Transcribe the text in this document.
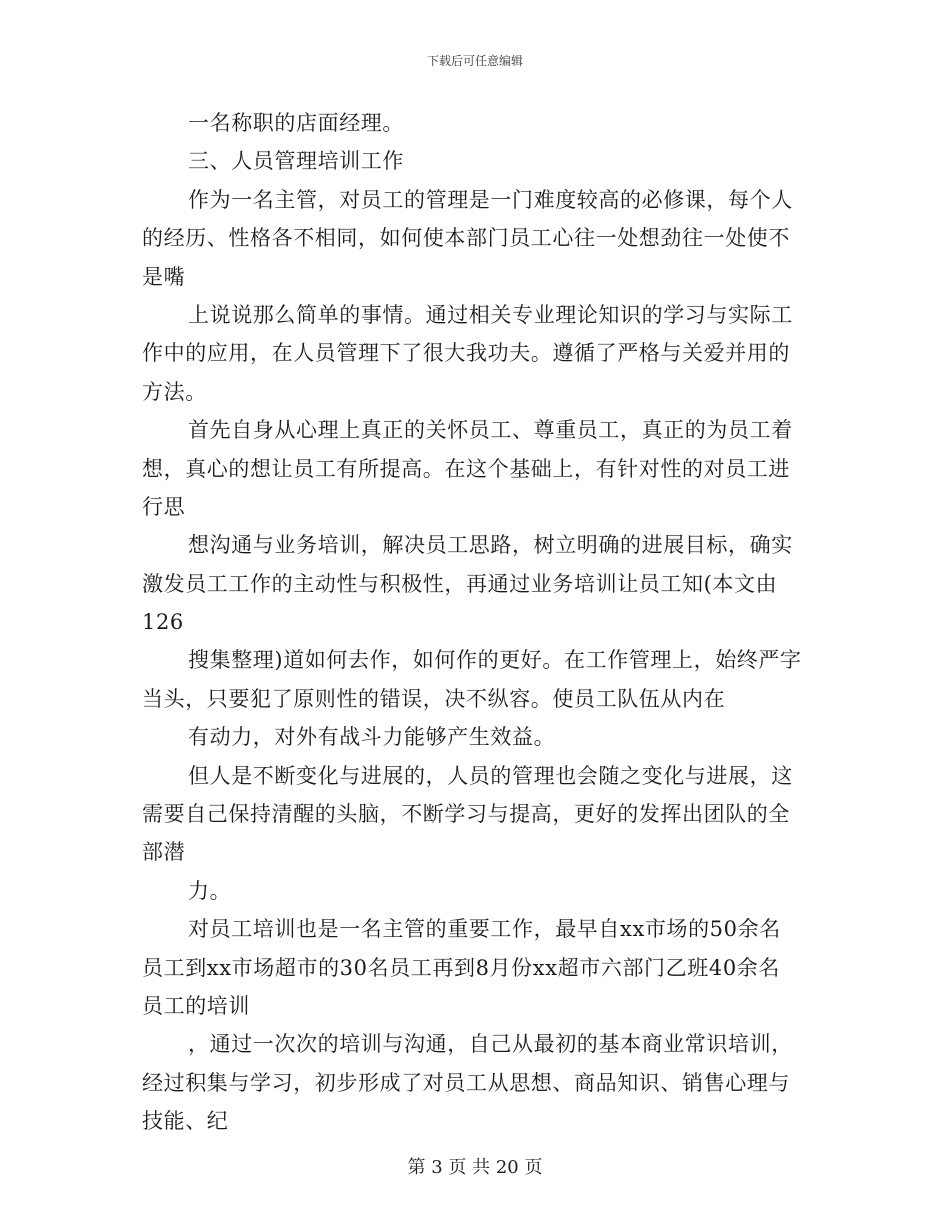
下载后可任意编辑
一名称职的店面经理。
三、人员管理培训工作
作为一名主管，对员工的管理是一门难度较高的必修课，每个人
的经历、性格各不相同，如何使本部门员工心往一处想劲往一处使不
是嘴
上说说那么简单的事情。通过相关专业理论知识的学习与实际工
作中的应用，在人员管理下了很大我功夫。遵循了严格与关爱并用的
方法。
首先自身从心理上真正的关怀员工、尊重员工，真正的为员工着
想，真心的想让员工有所提高。在这个基础上，有针对性的对员工进
行思
想沟通与业务培训，解决员工思路，树立明确的进展目标，确实
激发员工工作的主动性与积极性，再通过业务培训让员工知(本文由
126
搜集整理)道如何去作，如何作的更好。在工作管理上，始终严字
当头，只要犯了原则性的错误，决不纵容。使员工队伍从内在
有动力，对外有战斗力能够产生效益。
但人是不断变化与进展的，人员的管理也会随之变化与进展，这
需要自己保持清醒的头脑，不断学习与提高，更好的发挥出团队的全
部潜
力。
对员工培训也是一名主管的重要工作，最早自xx市场的50余名
员工到xx市场超市的30名员工再到8月份xx超市六部门乙班40余名
员工的培训
，通过一次次的培训与沟通，自己从最初的基本商业常识培训，
经过积集与学习，初步形成了对员工从思想、商品知识、销售心理与
技能、纪
第 3 页 共 20 页
